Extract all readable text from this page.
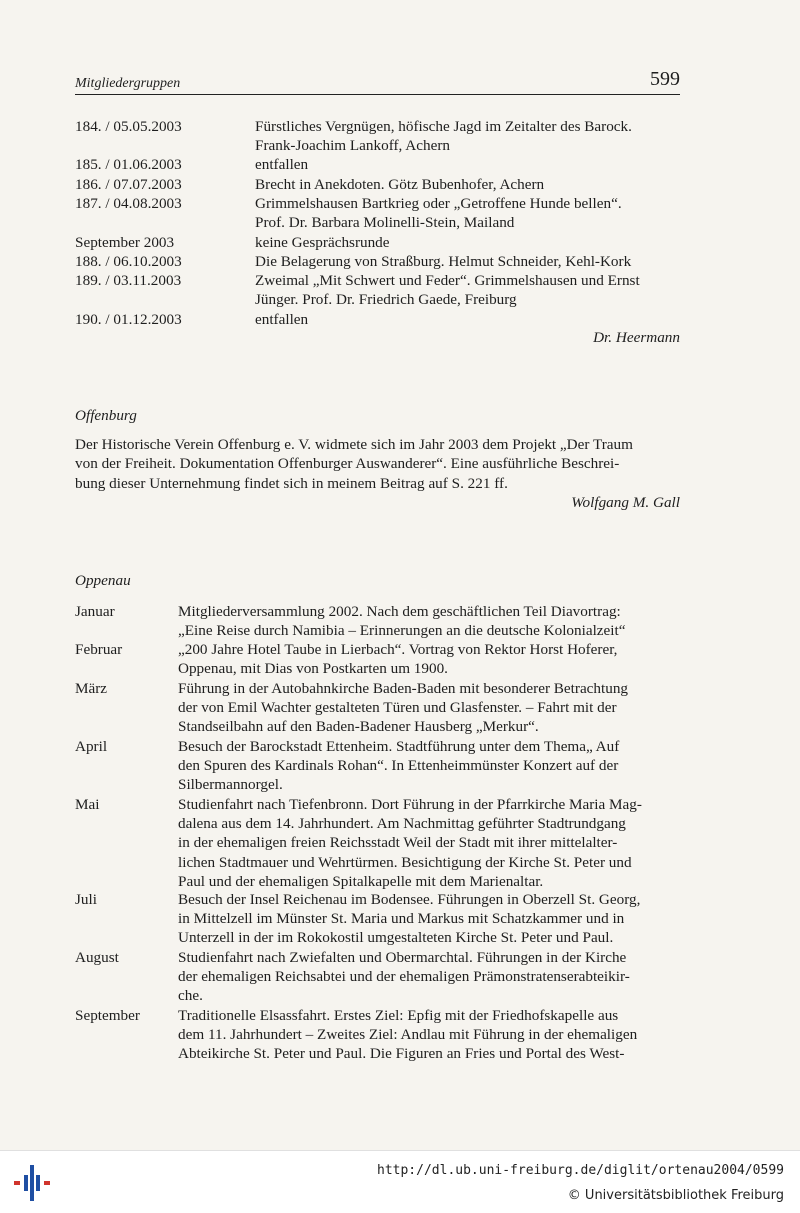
Mitgliedergruppen	599
184. / 05.05.2003	Fürstliches Vergnügen, höfische Jagd im Zeitalter des Barock.
Frank-Joachim Lankoff, Achern
185. / 01.06.2003	entfallen
186. / 07.07.2003	Brecht in Anekdoten. Götz Bubenhofer, Achern
187. / 04.08.2003	Grimmelshausen Bartkrieg oder „Getroffene Hunde bellen“.
Prof. Dr. Barbara Molinelli-Stein, Mailand
September 2003	keine Gesprächsrunde
188. / 06.10.2003	Die Belagerung von Straßburg. Helmut Schneider, Kehl-Kork
189. / 03.11.2003	Zweimal „Mit Schwert und Feder“. Grimmelshausen und Ernst
Jünger. Prof. Dr. Friedrich Gaede, Freiburg
190. / 01.12.2003	entfallen
Dr. Heermann
Offenburg
Der Historische Verein Offenburg e. V. widmete sich im Jahr 2003 dem Projekt „Der Traum
von der Freiheit. Dokumentation Offenburger Auswanderer“. Eine ausführliche Beschrei-
bung dieser Unternehmung findet sich in meinem Beitrag auf S. 221 ff.
Wolfgang M. Gall
Oppenau
Januar	Mitgliederversammlung 2002. Nach dem geschäftlichen Teil Diavortrag:
„Eine Reise durch Namibia – Erinnerungen an die deutsche Kolonialzeit“
Februar	„200 Jahre Hotel Taube in Lierbach“. Vortrag von Rektor Horst Hoferer,
Oppenau, mit Dias von Postkarten um 1900.
März	Führung in der Autobahnkirche Baden-Baden mit besonderer Betrachtung
der von Emil Wachter gestalteten Türen und Glasfenster. – Fahrt mit der
Standseilbahn auf den Baden-Badener Hausberg „Merkur“.
April	Besuch der Barockstadt Ettenheim. Stadtführung unter dem Thema„ Auf
den Spuren des Kardinals Rohan“. In Ettenheimmünster Konzert auf der
Silbermannorgel.
Mai	Studienfahrt nach Tiefenbronn. Dort Führung in der Pfarrkirche Maria Mag-
dalena aus dem 14. Jahrhundert. Am Nachmittag geführter Stadtrundgang
in der ehemaligen freien Reichsstadt Weil der Stadt mit ihrer mittelalter-
lichen Stadtmauer und Wehrtürmen. Besichtigung der Kirche St. Peter und
Paul und der ehemaligen Spitalkapelle mit dem Marienaltar.
Juli	Besuch der Insel Reichenau im Bodensee. Führungen in Oberzell St. Georg,
in Mittelzell im Münster St. Maria und Markus mit Schatzkammer und in
Unterzell in der im Rokokostil umgestalteten Kirche St. Peter und Paul.
August	Studienfahrt nach Zwiefalten und Obermarchtal. Führungen in der Kirche
der ehemaligen Reichsabtei und der ehemaligen Prämonstratenserabteikir-
che.
September	Traditionelle Elsassfahrt. Erstes Ziel: Epfig mit der Friedhofskapelle aus
dem 11. Jahrhundert – Zweites Ziel: Andlau mit Führung in der ehemaligen
Abteikirche St. Peter und Paul. Die Figuren an Fries und Portal des West-
http://dl.ub.uni-freiburg.de/diglit/ortenau2004/0599
© Universitätsbibliothek Freiburg
